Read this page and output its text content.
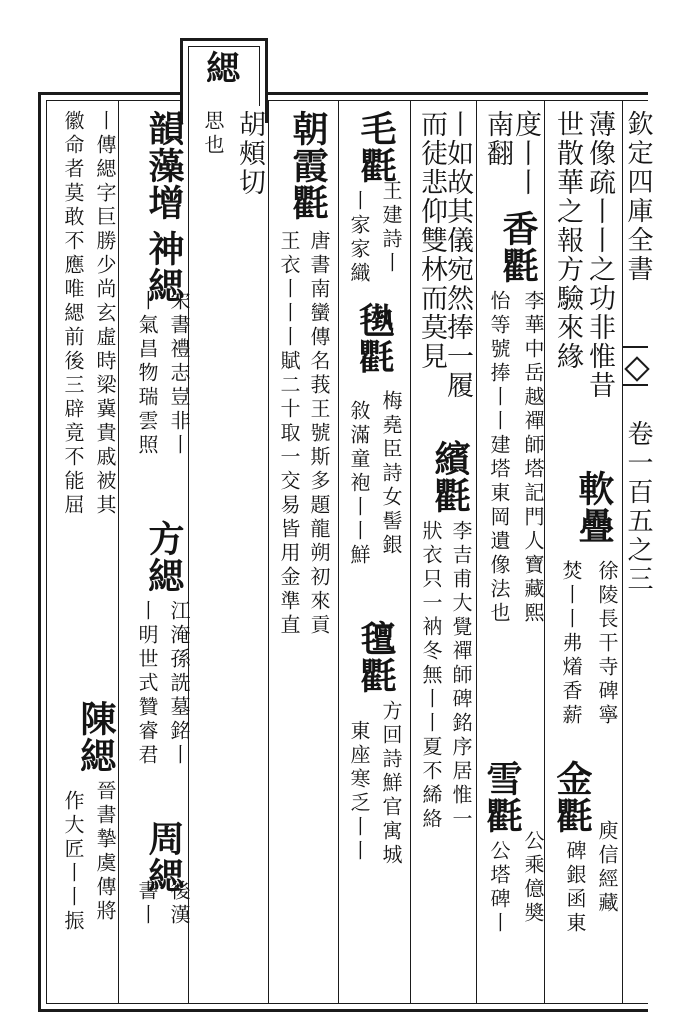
欽定四庫全書
卷一百五之三
緦
薄像疏丨丨之功非惟昔
軟疊
徐陵長干寺碑寧
世散華之報方驗來緣
焚丨丨弗𤏲香薪
金氍
庾信經藏
碑銀函東
度丨丨
香氍
李華中岳越禪師塔記門人寶藏熙
公乘億奬
南翻
怡等號捧丨丨建塔東岡遺像法也
雪氍
公塔碑丨
丨如故其儀宛然捧一履
繽氍
李吉甫大覺禪師碑銘序居惟一
而徒悲仰雙林而莫見
狀衣只一衲冬無丨丨夏不絺絡
毛氍
王建詩丨
𣯭氍
梅堯臣詩女髻銀
丨家家織
敘滿童袍丨丨鮮
氊氍
方回詩鮮官寓城
東座寒乏丨丨
朝霞氍
唐書南蠻傳名莪王號斯多題龍朔初來貢
王衣丨丨丨賦二十取一交易皆用金準直
胡頰切
思也
韻藻增
神緦
宋書禮志豈非丨
方緦
江淹孫詵墓銘丨
周緦
後漢
丨氣昌物瑞雲照
丨明世式贊睿君
書丨
丨傳緦字巨勝少尚玄虛時梁冀貴戚被其
陳緦
晉書摯虞傳將
徽命者莫敢不應唯緦前後三辟竟不能屈
作大匠丨丨振
